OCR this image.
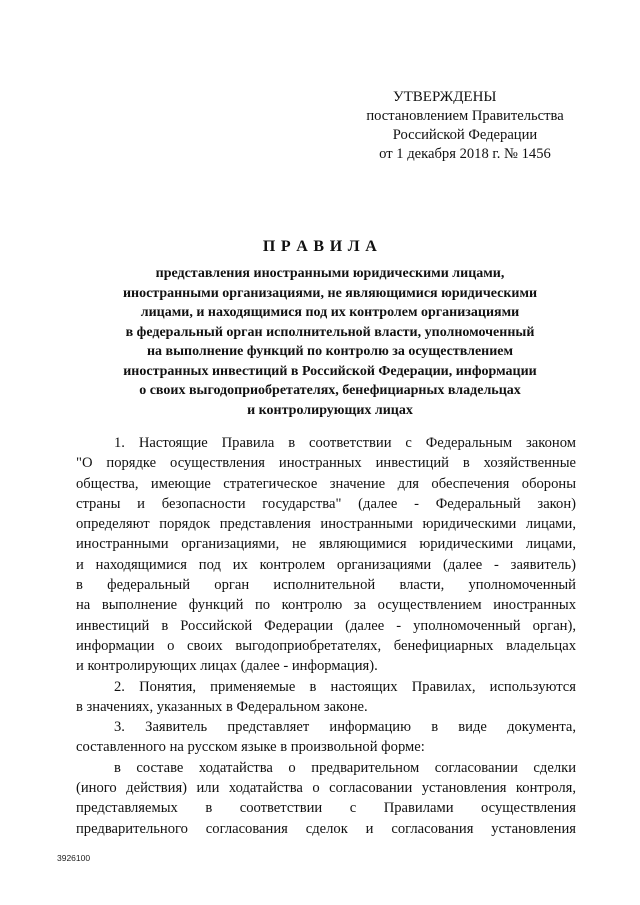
УТВЕРЖДЕНЫ
постановлением Правительства
Российской Федерации
от 1 декабря 2018 г. № 1456
П Р А В И Л А
представления иностранными юридическими лицами,
иностранными организациями, не являющимися юридическими
лицами, и находящимися под их контролем организациями
в федеральный орган исполнительной власти, уполномоченный
на выполнение функций по контролю за осуществлением
иностранных инвестиций в Российской Федерации, информации
о своих выгодоприобретателях, бенефициарных владельцах
и контролирующих лицах
1. Настоящие Правила в соответствии с Федеральным законом
"О порядке осуществления иностранных инвестиций в хозяйственные
общества, имеющие стратегическое значение для обеспечения обороны
страны и безопасности государства" (далее - Федеральный закон)
определяют порядок представления иностранными юридическими лицами,
иностранными организациями, не являющимися юридическими лицами,
и находящимися под их контролем организациями (далее - заявитель)
в федеральный орган исполнительной власти, уполномоченный
на выполнение функций по контролю за осуществлением иностранных
инвестиций в Российской Федерации (далее - уполномоченный орган),
информации о своих выгодоприобретателях, бенефициарных владельцах
и контролирующих лицах (далее - информация).
2. Понятия, применяемые в настоящих Правилах, используются
в значениях, указанных в Федеральном законе.
3. Заявитель представляет информацию в виде документа,
составленного на русском языке в произвольной форме:
в составе ходатайства о предварительном согласовании сделки
(иного действия) или ходатайства о согласовании установления контроля,
представляемых в соответствии с Правилами осуществления
предварительного согласования сделок и согласования установления
3926100
